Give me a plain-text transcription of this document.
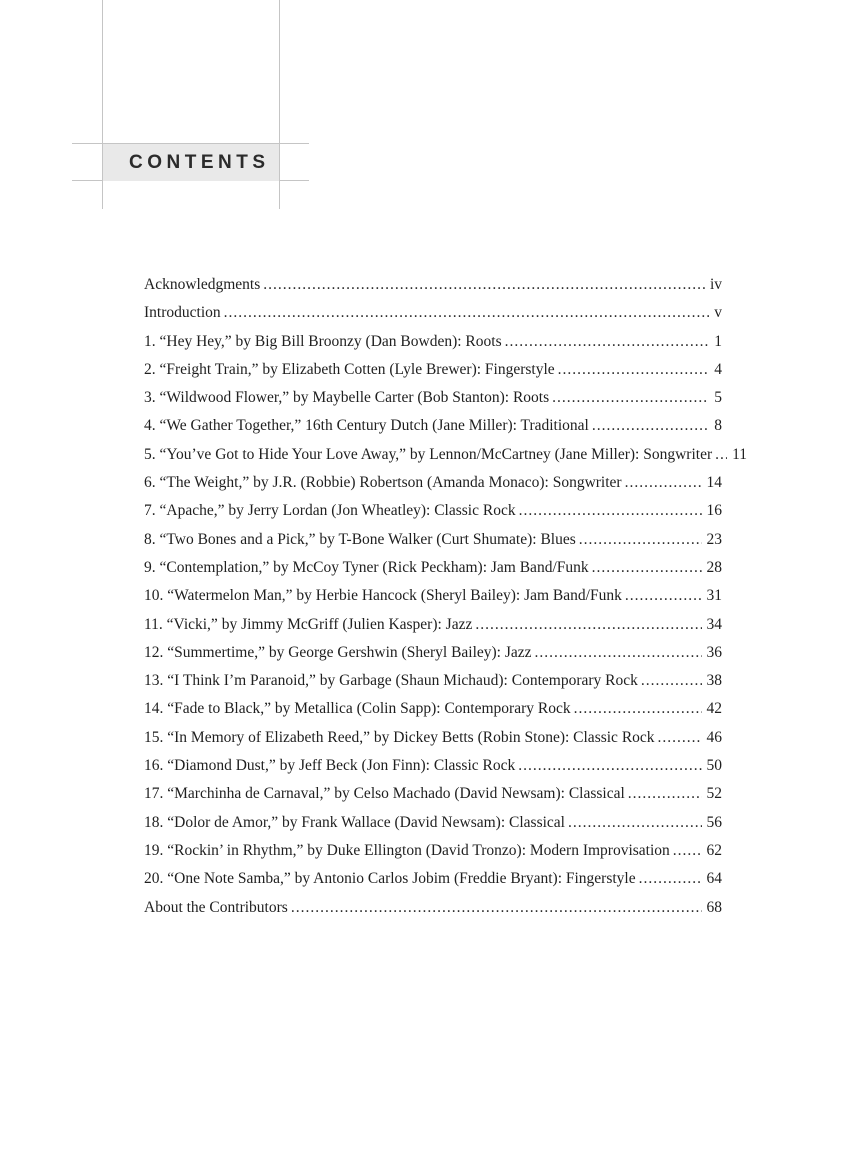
CONTENTS
Acknowledgments .....	iv
Introduction .....	v
1. “Hey Hey,” by Big Bill Broonzy (Dan Bowden): Roots .....	1
2. “Freight Train,” by Elizabeth Cotten (Lyle Brewer): Fingerstyle .....	4
3. “Wildwood Flower,” by Maybelle Carter (Bob Stanton): Roots .....	5
4. “We Gather Together,” 16th Century Dutch (Jane Miller): Traditional .....	8
5. “You’ve Got to Hide Your Love Away,” by Lennon/McCartney (Jane Miller): Songwriter ..... 11
6. “The Weight,” by J.R. (Robbie) Robertson (Amanda Monaco): Songwriter .....	14
7. “Apache,” by Jerry Lordan (Jon Wheatley): Classic Rock .....	16
8. “Two Bones and a Pick,” by T-Bone Walker (Curt Shumate): Blues .....	23
9. “Contemplation,” by McCoy Tyner (Rick Peckham): Jam Band/Funk .....	28
10. “Watermelon Man,” by Herbie Hancock (Sheryl Bailey): Jam Band/Funk .....	31
11. “Vicki,” by Jimmy McGriff (Julien Kasper): Jazz .....	34
12. “Summertime,” by George Gershwin (Sheryl Bailey): Jazz .....	36
13. “I Think I’m Paranoid,” by Garbage (Shaun Michaud): Contemporary Rock .....	38
14. “Fade to Black,” by Metallica (Colin Sapp): Contemporary Rock .....	42
15. “In Memory of Elizabeth Reed,” by Dickey Betts (Robin Stone): Classic Rock .....	46
16. “Diamond Dust,” by Jeff Beck (Jon Finn): Classic Rock .....	50
17. “Marchinha de Carnaval,” by Celso Machado (David Newsam): Classical .....	52
18. “Dolor de Amor,” by Frank Wallace (David Newsam): Classical .....	56
19. “Rockin’ in Rhythm,” by Duke Ellington (David Tronzo): Modern Improvisation ..... 62
20. “One Note Samba,” by Antonio Carlos Jobim (Freddie Bryant): Fingerstyle .....	64
About the Contributors .....	68
